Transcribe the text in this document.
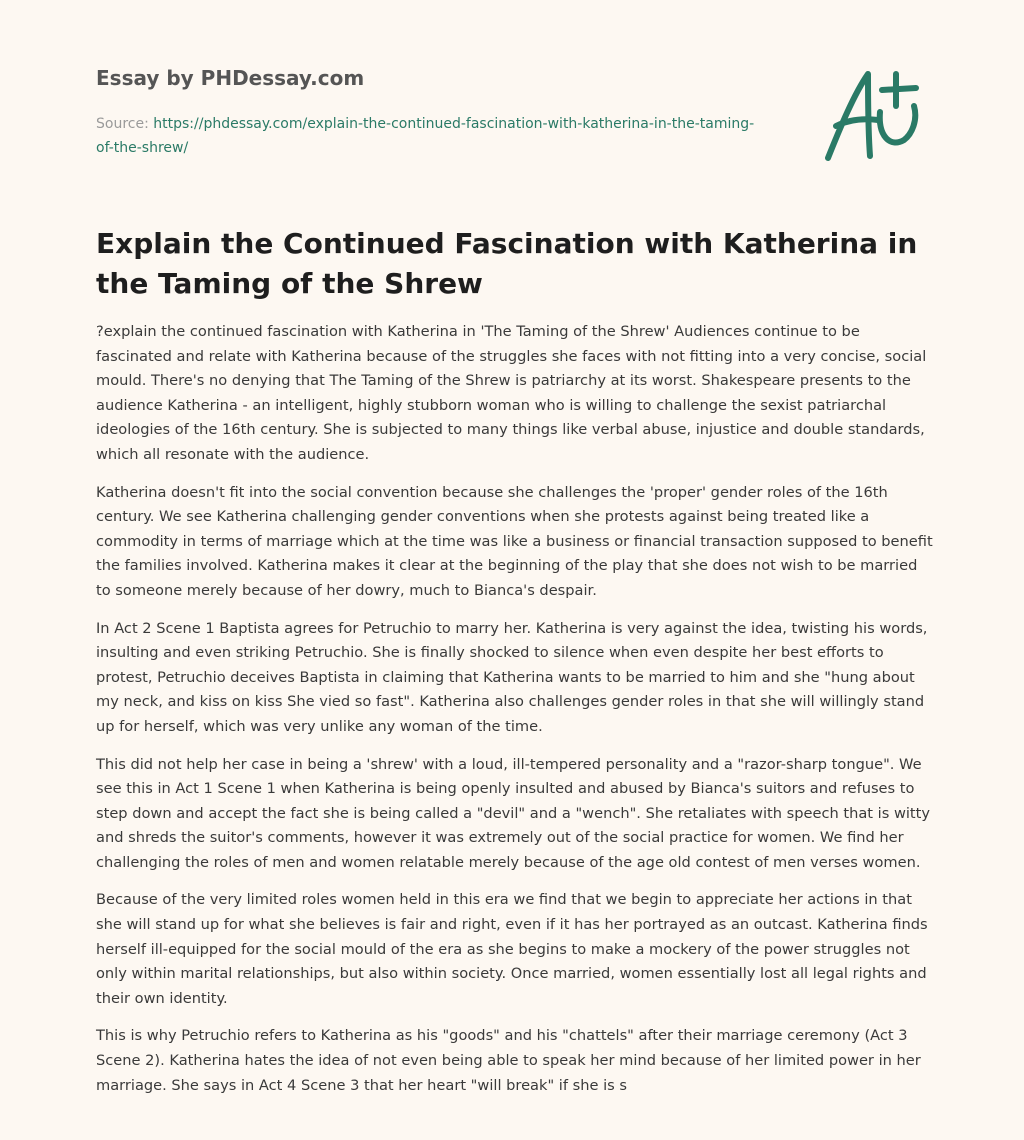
Essay by PHDessay.com
Source: https://phdessay.com/explain-the-continued-fascination-with-katherina-in-the-taming-of-the-shrew/
Explain the Continued Fascination with Katherina in the Taming of the Shrew

?explain the continued fascination with Katherina in 'The Taming of the Shrew' Audiences continue to be fascinated and relate with Katherina because of the struggles she faces with not fitting into a very concise, social mould. There's no denying that The Taming of the Shrew is patriarchy at its worst. Shakespeare presents to the audience Katherina - an intelligent, highly stubborn woman who is willing to challenge the sexist patriarchal ideologies of the 16th century. She is subjected to many things like verbal abuse, injustice and double standards, which all resonate with the audience.

Katherina doesn't fit into the social convention because she challenges the 'proper' gender roles of the 16th century. We see Katherina challenging gender conventions when she protests against being treated like a commodity in terms of marriage which at the time was like a business or financial transaction supposed to benefit the families involved. Katherina makes it clear at the beginning of the play that she does not wish to be married to someone merely because of her dowry, much to Bianca's despair.

In Act 2 Scene 1 Baptista agrees for Petruchio to marry her. Katherina is very against the idea, twisting his words, insulting and even striking Petruchio. She is finally shocked to silence when even despite her best efforts to protest, Petruchio deceives Baptista in claiming that Katherina wants to be married to him and she "hung about my neck, and kiss on kiss She vied so fast". Katherina also challenges gender roles in that she will willingly stand up for herself, which was very unlike any woman of the time.

This did not help her case in being a 'shrew' with a loud, ill-tempered personality and a "razor-sharp tongue". We see this in Act 1 Scene 1 when Katherina is being openly insulted and abused by Bianca's suitors and refuses to step down and accept the fact she is being called a "devil" and a "wench". She retaliates with speech that is witty and shreds the suitor's comments, however it was extremely out of the social practice for women. We find her challenging the roles of men and women relatable merely because of the age old contest of men verses women.

Because of the very limited roles women held in this era we find that we begin to appreciate her actions in that she will stand up for what she believes is fair and right, even if it has her portrayed as an outcast. Katherina finds herself ill-equipped for the social mould of the era as she begins to make a mockery of the power struggles not only within marital relationships, but also within society. Once married, women essentially lost all legal rights and their own identity.

This is why Petruchio refers to Katherina as his "goods" and his "chattels" after their marriage ceremony (Act 3 Scene 2). Katherina hates the idea of not even being able to speak her mind because of her limited power in her marriage. She says in Act 4 Scene 3 that her heart "will break" if she is s
